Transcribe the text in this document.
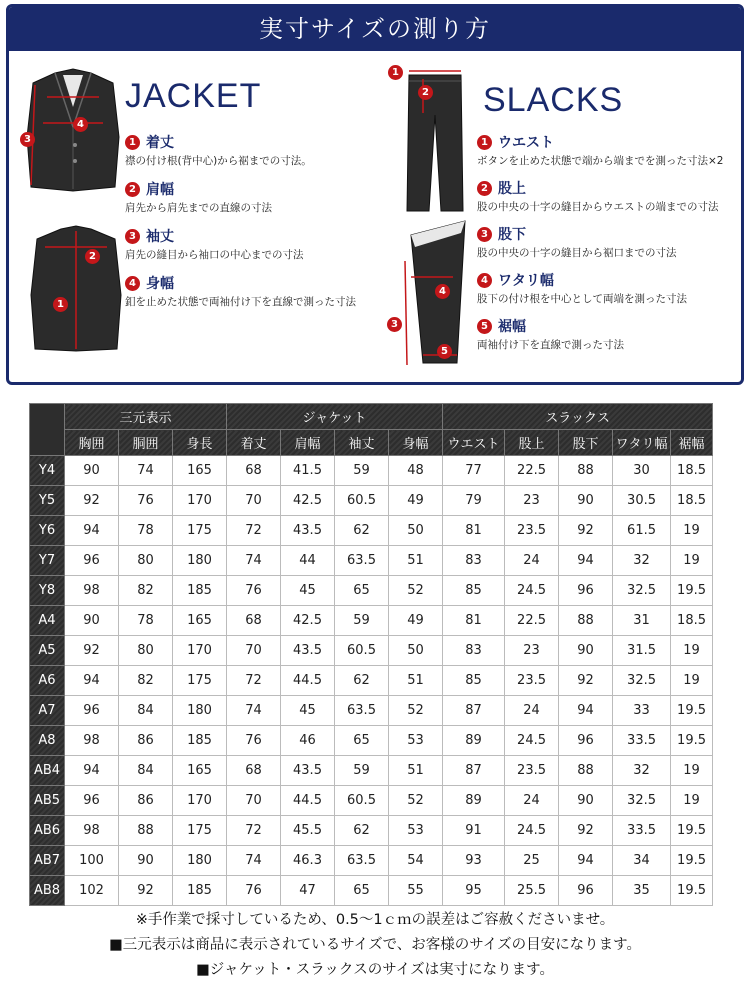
実寸サイズの測り方
3
4
2
1
JACKET
1 着丈
襟の付け根(背中心)から裾までの寸法。
2 肩幅
肩先から肩先までの直線の寸法
3 袖丈
肩先の縫目から袖口の中心までの寸法
4 身幅
釦を止めた状態で両袖付け下を直線で測った寸法
1
2
4
3
5
SLACKS
1 ウエスト
ボタンを止めた状態で端から端までを測った寸法×2
2 股上
股の中央の十字の縫目からウエストの端までの寸法
3 股下
股の中央の十字の縫目から裾口までの寸法
4 ワタリ幅
股下の付け根を中心として両端を測った寸法
5 裾幅
両袖付け下を直線で測った寸法
	三元表示			ジャケット				スラックス				
	胸囲	胴囲	身長	着丈	肩幅	袖丈	身幅	ウエスト	股上	股下	ワタリ幅	裾幅
Y4	90	74	165	68	41.5	59	48	77	22.5	88	30	18.5
Y5	92	76	170	70	42.5	60.5	49	79	23	90	30.5	18.5
Y6	94	78	175	72	43.5	62	50	81	23.5	92	61.5	19
Y7	96	80	180	74	44	63.5	51	83	24	94	32	19
Y8	98	82	185	76	45	65	52	85	24.5	96	32.5	19.5
A4	90	78	165	68	42.5	59	49	81	22.5	88	31	18.5
A5	92	80	170	70	43.5	60.5	50	83	23	90	31.5	19
A6	94	82	175	72	44.5	62	51	85	23.5	92	32.5	19
A7	96	84	180	74	45	63.5	52	87	24	94	33	19.5
A8	98	86	185	76	46	65	53	89	24.5	96	33.5	19.5
AB4	94	84	165	68	43.5	59	51	87	23.5	88	32	19
AB5	96	86	170	70	44.5	60.5	52	89	24	90	32.5	19
AB6	98	88	175	72	45.5	62	53	91	24.5	92	33.5	19.5
AB7	100	90	180	74	46.3	63.5	54	93	25	94	34	19.5
AB8	102	92	185	76	47	65	55	95	25.5	96	35	19.5
※手作業で採寸しているため、0.5～1ｃｍの誤差はご容赦くださいませ。
■三元表示は商品に表示されているサイズで、お客様のサイズの目安になります。
■ジャケット・スラックスのサイズは実寸になります。
